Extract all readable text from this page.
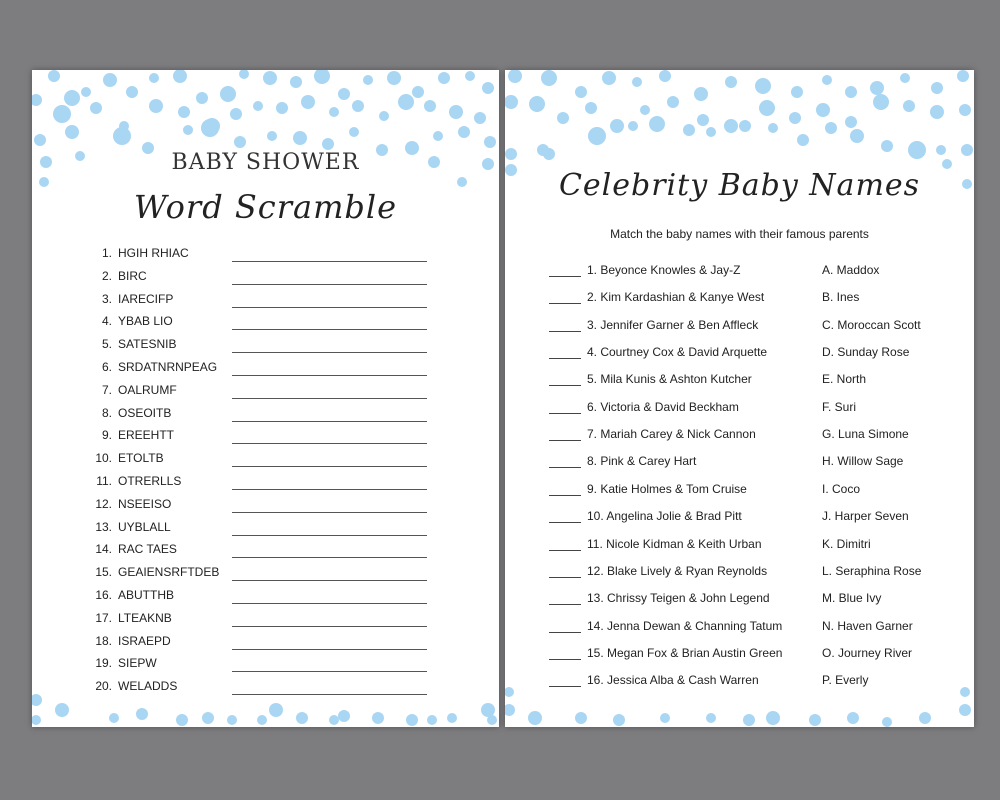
BABY SHOWER
Word Scramble
1. HGIH RHIAC
2. BIRC
3. IARECIFP
4. YBAB LIO
5. SATESNIB
6. SRDATNRNPEAG
7. OALRUMF
8. OSEOITB
9. EREEHTT
10. ETOLTB
11. OTRERLLS
12. NSEEISO
13. UYBLALL
14. RAC TAES
15. GEAIENSRFTDEB
16. ABUTTHB
17. LTEAKNB
18. ISRAEPD
19. SIEPW
20. WELADDS
Celebrity Baby Names
Match the baby names with their famous parents
1. Beyonce Knowles & Jay-Z	A. Maddox
2. Kim Kardashian & Kanye West	B. Ines
3. Jennifer Garner & Ben Affleck	C. Moroccan Scott
4. Courtney Cox & David Arquette	D. Sunday Rose
5. Mila Kunis & Ashton Kutcher	E. North
6. Victoria & David Beckham	F. Suri
7. Mariah Carey & Nick Cannon	G. Luna Simone
8. Pink & Carey Hart	H. Willow Sage
9. Katie Holmes & Tom Cruise	I. Coco
10. Angelina Jolie & Brad Pitt	J. Harper Seven
11. Nicole Kidman & Keith Urban	K. Dimitri
12. Blake Lively & Ryan Reynolds	L. Seraphina Rose
13. Chrissy Teigen & John Legend	M. Blue Ivy
14. Jenna Dewan & Channing Tatum	N. Haven Garner
15. Megan Fox & Brian Austin Green	O. Journey River
16. Jessica Alba & Cash Warren	P. Everly
